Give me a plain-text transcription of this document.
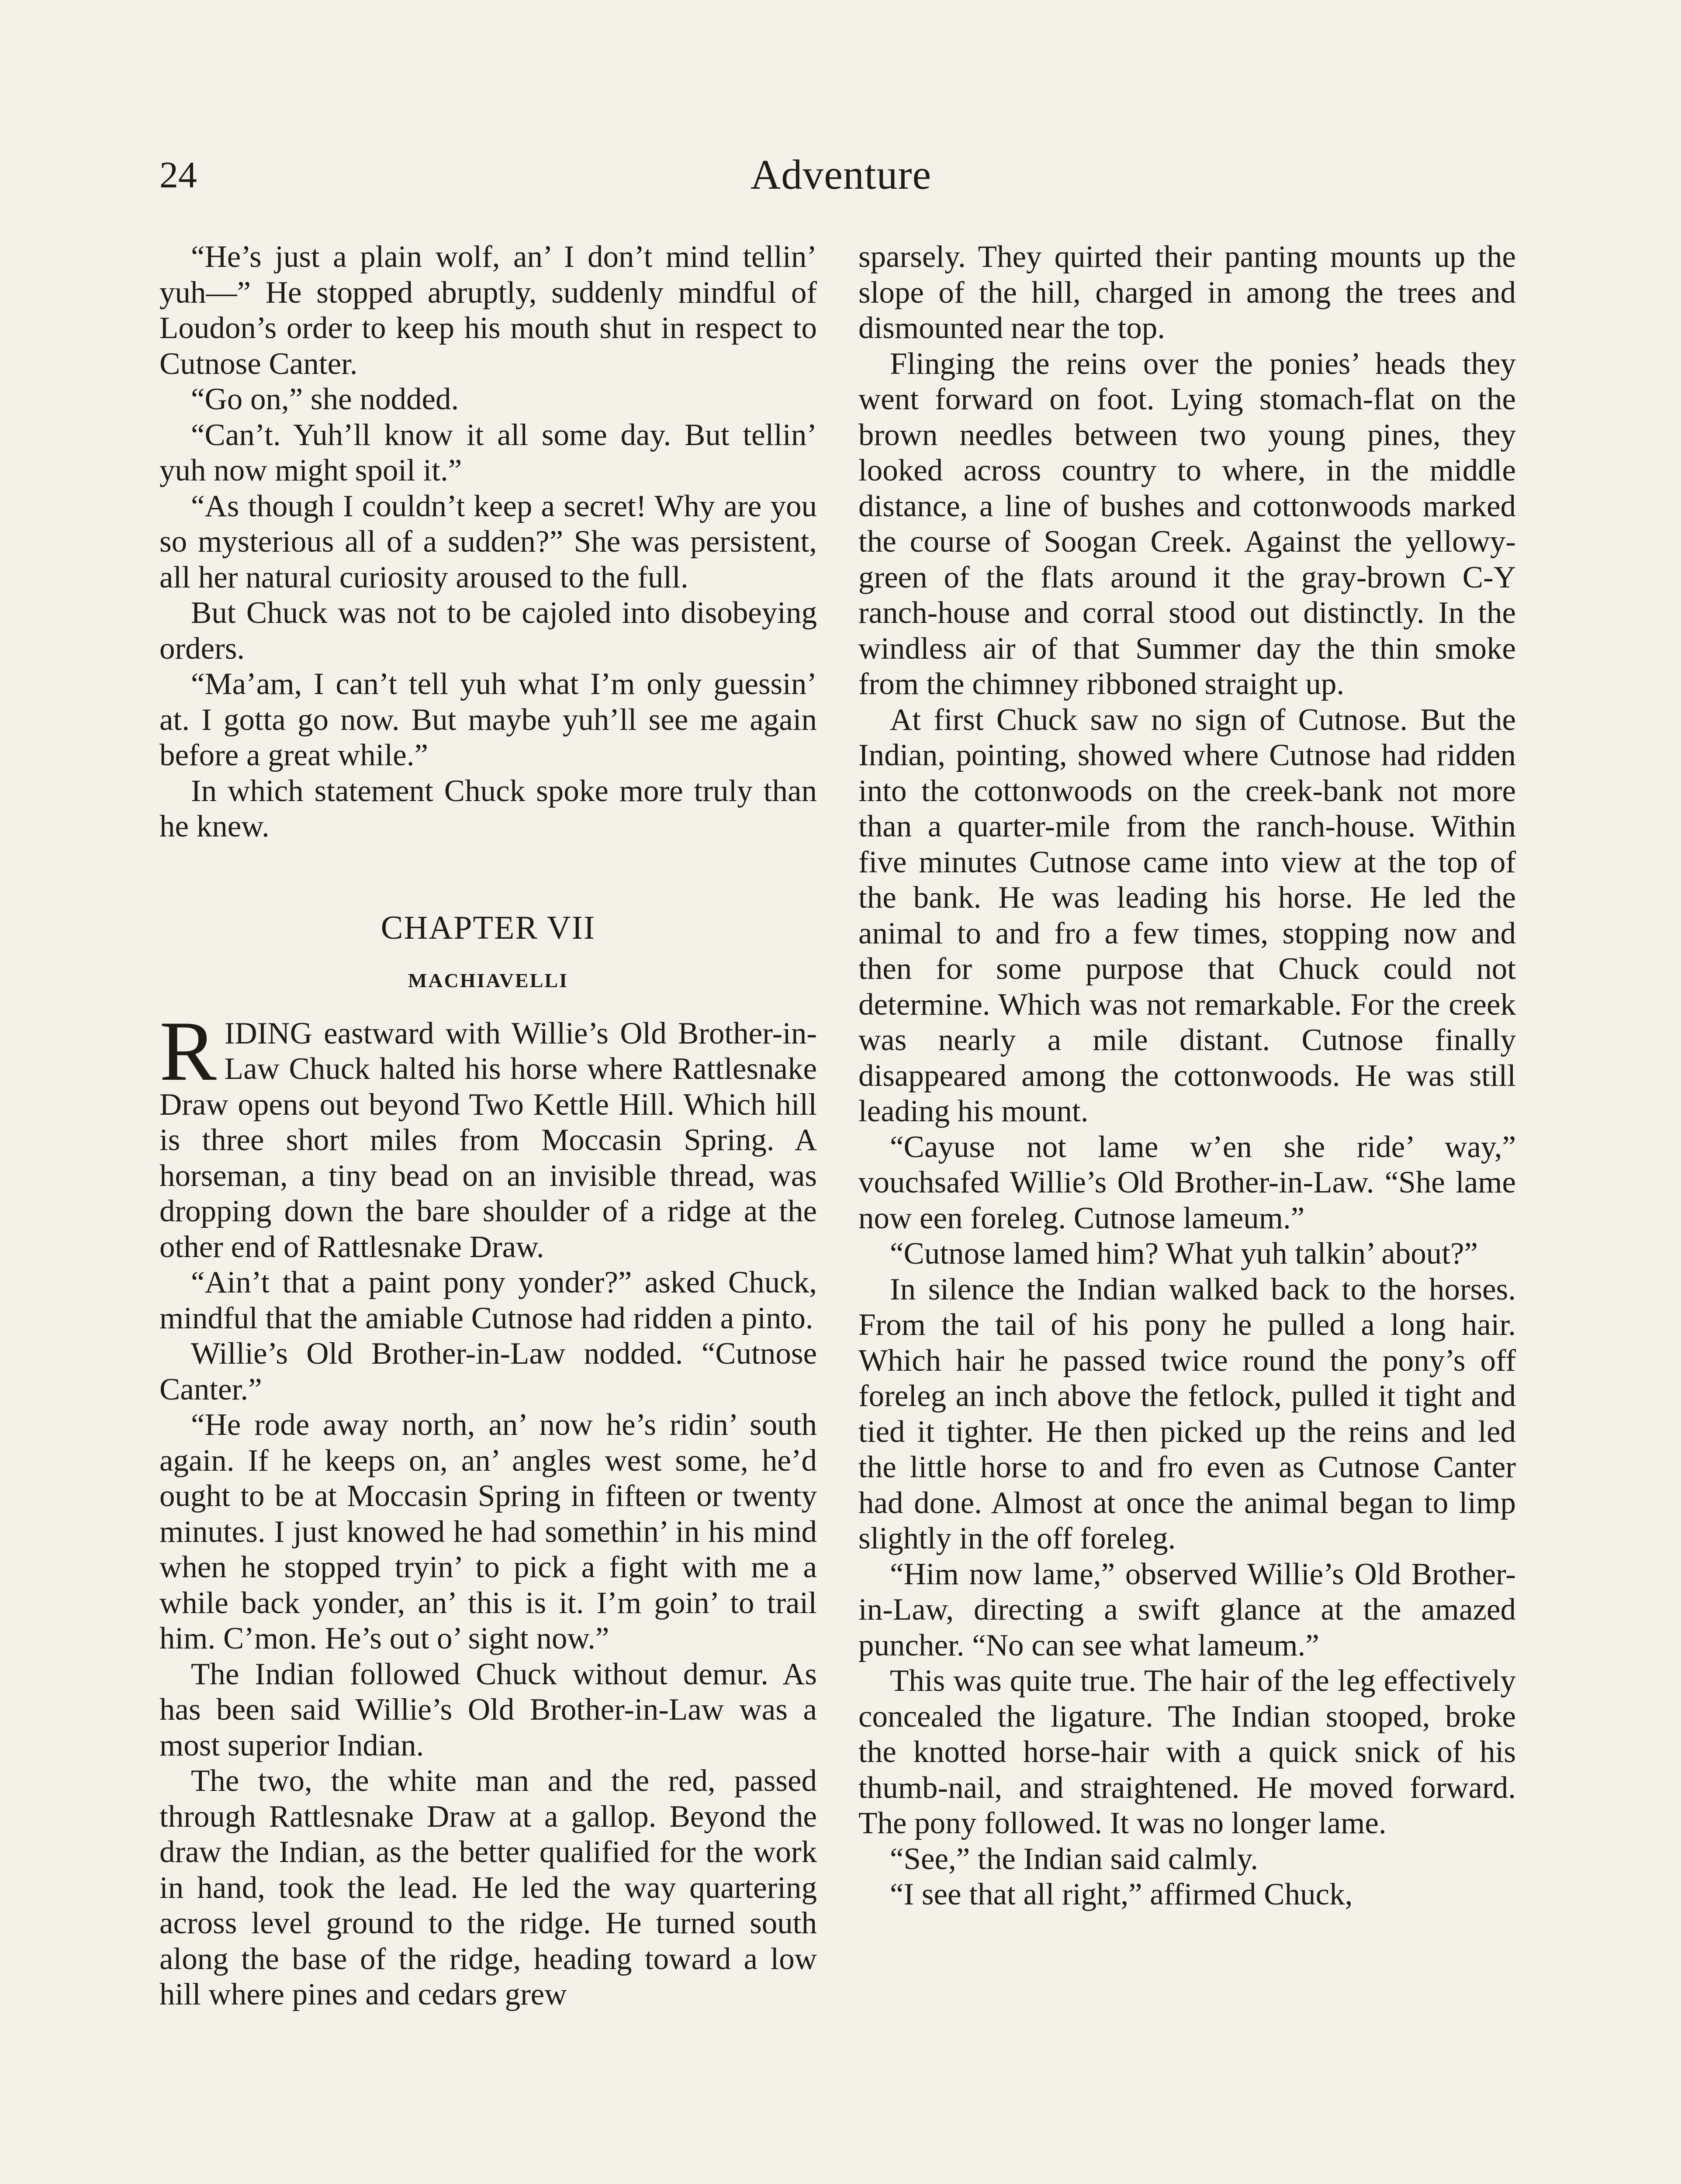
24	Adventure

“He’s just a plain wolf, an’ I don’t mind tellin’ yuh—” He stopped abruptly, suddenly mindful of Loudon’s order to keep his mouth shut in respect to Cutnose Canter.

“Go on,” she nodded.

“Can’t. Yuh’ll know it all some day. But tellin’ yuh now might spoil it.”

“As though I couldn’t keep a secret! Why are you so mysterious all of a sudden?” She was persistent, all her natural curiosity aroused to the full.

But Chuck was not to be cajoled into disobeying orders.

“Ma’am, I can’t tell yuh what I’m only guessin’ at. I gotta go now. But maybe yuh’ll see me again before a great while.”

In which statement Chuck spoke more truly than he knew.

CHAPTER VII
MACHIAVELLI

RIDING eastward with Willie’s Old Brother-in-Law Chuck halted his horse where Rattlesnake Draw opens out beyond Two Kettle Hill. Which hill is three short miles from Moccasin Spring. A horseman, a tiny bead on an invisible thread, was dropping down the bare shoulder of a ridge at the other end of Rattlesnake Draw.

“Ain’t that a paint pony yonder?” asked Chuck, mindful that the amiable Cutnose had ridden a pinto.

Willie’s Old Brother-in-Law nodded. “Cutnose Canter.”

“He rode away north, an’ now he’s ridin’ south again. If he keeps on, an’ angles west some, he’d ought to be at Moccasin Spring in fifteen or twenty minutes. I just knowed he had somethin’ in his mind when he stopped tryin’ to pick a fight with me a while back yonder, an’ this is it. I’m goin’ to trail him. C’mon. He’s out o’ sight now.”

The Indian followed Chuck without demur. As has been said Willie’s Old Brother-in-Law was a most superior Indian.

The two, the white man and the red, passed through Rattlesnake Draw at a gallop. Beyond the draw the Indian, as the better qualified for the work in hand, took the lead. He led the way quartering across level ground to the ridge. He turned south along the base of the ridge, heading toward a low hill where pines and cedars grew

sparsely. They quirted their panting mounts up the slope of the hill, charged in among the trees and dismounted near the top.

Flinging the reins over the ponies’ heads they went forward on foot. Lying stomach-flat on the brown needles between two young pines, they looked across country to where, in the middle distance, a line of bushes and cottonwoods marked the course of Soogan Creek. Against the yellowy-green of the flats around it the gray-brown C-Y ranch-house and corral stood out distinctly. In the windless air of that Summer day the thin smoke from the chimney ribboned straight up.

At first Chuck saw no sign of Cutnose. But the Indian, pointing, showed where Cutnose had ridden into the cottonwoods on the creek-bank not more than a quarter-mile from the ranch-house. Within five minutes Cutnose came into view at the top of the bank. He was leading his horse. He led the animal to and fro a few times, stopping now and then for some purpose that Chuck could not determine. Which was not remarkable. For the creek was nearly a mile distant. Cutnose finally disappeared among the cottonwoods. He was still leading his mount.

“Cayuse not lame w’en she ride’ way,” vouchsafed Willie’s Old Brother-in-Law. “She lame now een foreleg. Cutnose lameum.”

“Cutnose lamed him? What yuh talkin’ about?”

In silence the Indian walked back to the horses. From the tail of his pony he pulled a long hair. Which hair he passed twice round the pony’s off foreleg an inch above the fetlock, pulled it tight and tied it tighter. He then picked up the reins and led the little horse to and fro even as Cutnose Canter had done. Almost at once the animal began to limp slightly in the off foreleg.

“Him now lame,” observed Willie’s Old Brother-in-Law, directing a swift glance at the amazed puncher. “No can see what lameum.”

This was quite true. The hair of the leg effectively concealed the ligature. The Indian stooped, broke the knotted horse-hair with a quick snick of his thumb-nail, and straightened. He moved forward. The pony followed. It was no longer lame.

“See,” the Indian said calmly.

“I see that all right,” affirmed Chuck,
